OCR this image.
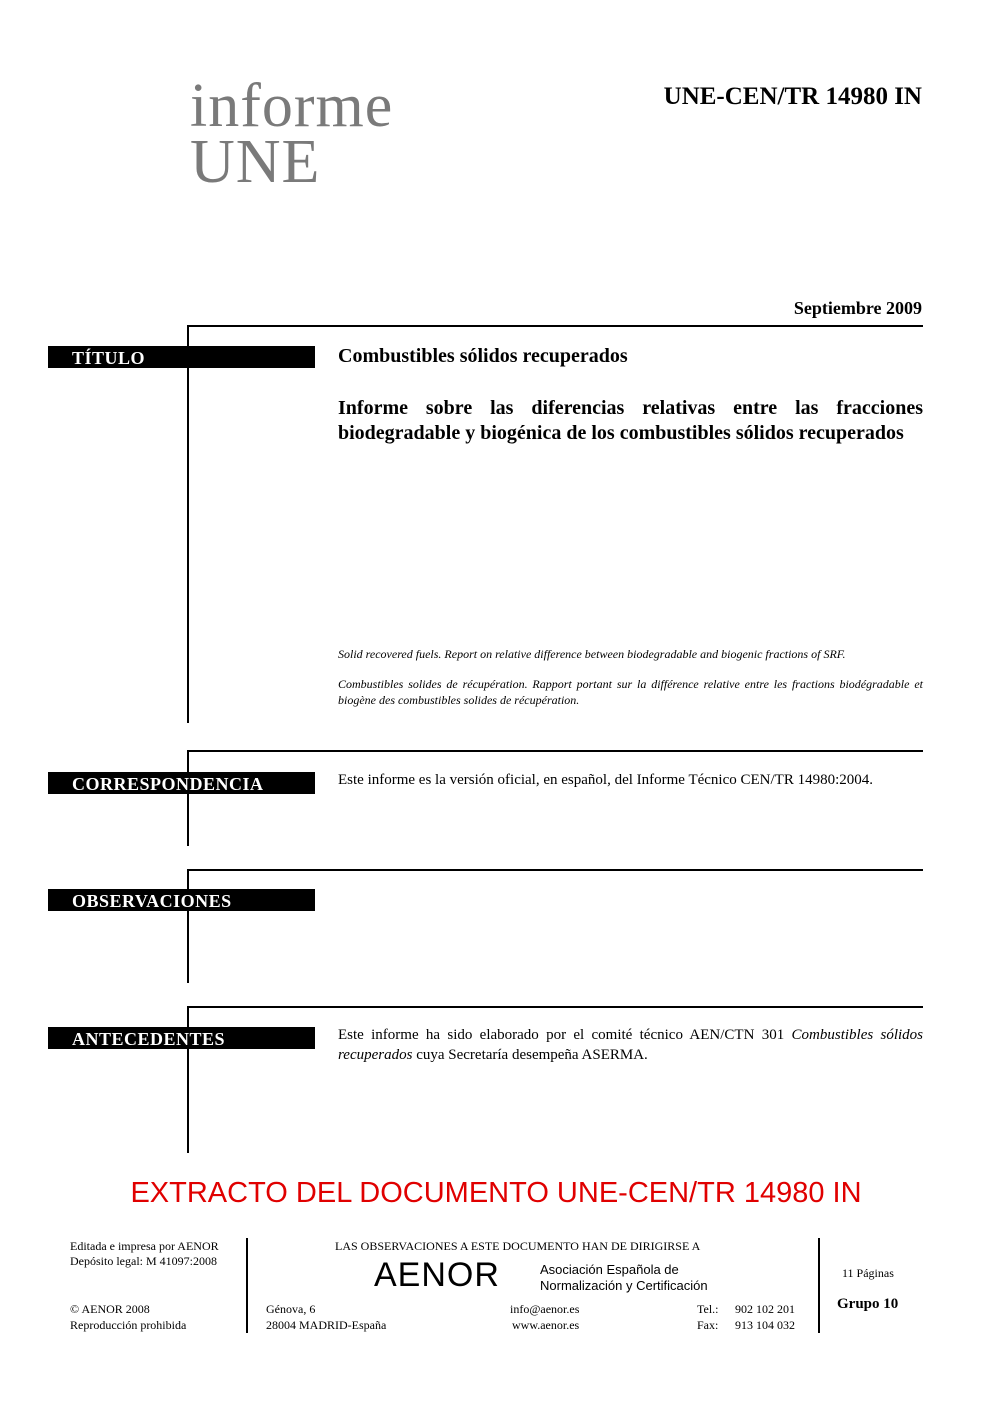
informe
UNE
UNE-CEN/TR 14980 IN
Septiembre 2009
TÍTULO	Combustibles sólidos recuperados
Informe sobre las diferencias relativas entre las fracciones biodegradable y biogénica de los combustibles sólidos recuperados
Solid recovered fuels. Report on relative difference between biodegradable and biogenic fractions of SRF.
Combustibles solides de récupération. Rapport portant sur la différence relative entre les fractions biodégradable et biogène des combustibles solides de récupération.
CORRESPONDENCIA	Este informe es la versión oficial, en español, del Informe Técnico CEN/TR 14980:2004.
OBSERVACIONES
ANTECEDENTES	Este informe ha sido elaborado por el comité técnico AEN/CTN 301 Combustibles sólidos recuperados cuya Secretaría desempeña ASERMA.
EXTRACTO DEL DOCUMENTO UNE-CEN/TR 14980 IN
Editada e impresa por AENOR
Depósito legal: M 41097:2008
© AENOR 2008
Reproducción prohibida
LAS OBSERVACIONES A ESTE DOCUMENTO HAN DE DIRIGIRSE A
AENOR	Asociación Española de
Normalización y Certificación
Génova, 6
28004 MADRID-España
info@aenor.es
www.aenor.es
Tel.: 902 102 201
Fax: 913 104 032
11 Páginas
Grupo 10
